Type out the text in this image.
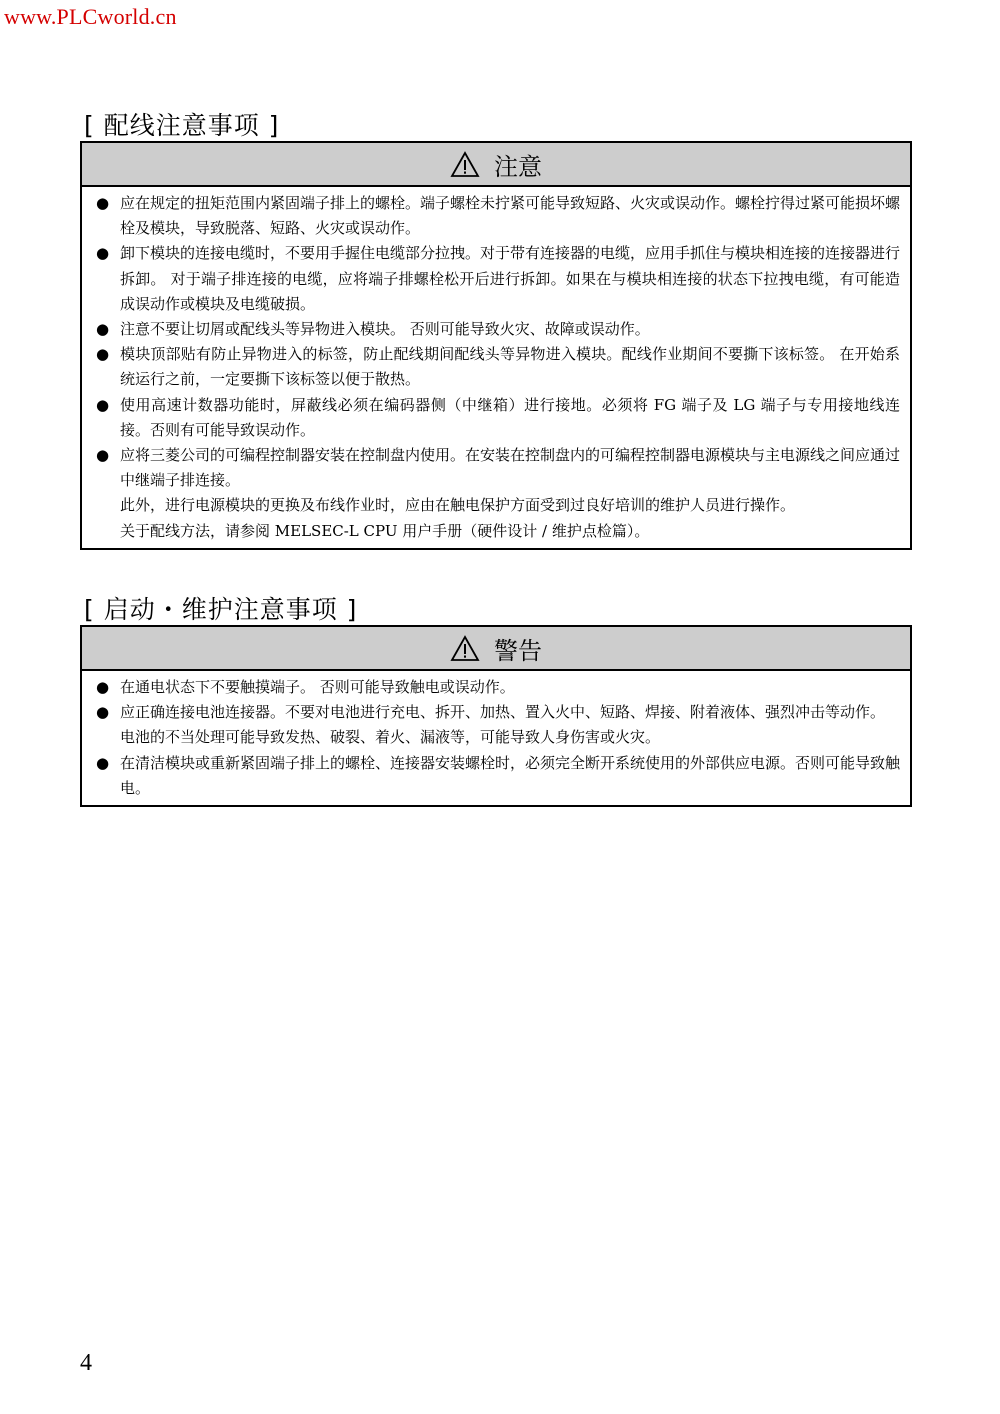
www.PLCworld.cn
[ 配线注意事项 ]
注意
● 应在规定的扭矩范围内紧固端子排上的螺栓。端子螺栓未拧紧可能导致短路、火灾或误动作。螺栓拧得过紧可能损坏螺栓及模块，导致脱落、短路、火灾或误动作。
● 卸下模块的连接电缆时，不要用手握住电缆部分拉拽。对于带有连接器的电缆，应用手抓住与模块相连接的连接器进行拆卸。 对于端子排连接的电缆，应将端子排螺栓松开后进行拆卸。如果在与模块相连接的状态下拉拽电缆，有可能造成误动作或模块及电缆破损。
● 注意不要让切屑或配线头等异物进入模块。 否则可能导致火灾、故障或误动作。
● 模块顶部贴有防止异物进入的标签，防止配线期间配线头等异物进入模块。配线作业期间不要撕下该标签。 在开始系统运行之前，一定要撕下该标签以便于散热。
● 使用高速计数器功能时，屏蔽线必须在编码器侧（中继箱）进行接地。必须将 FG 端子及 LG 端子与专用接地线连接。否则有可能导致误动作。
● 应将三菱公司的可编程控制器安装在控制盘内使用。在安装在控制盘内的可编程控制器电源模块与主电源线之间应通过中继端子排连接。
此外，进行电源模块的更换及布线作业时，应由在触电保护方面受到过良好培训的维护人员进行操作。
关于配线方法，请参阅 MELSEC-L CPU 用户手册（硬件设计 / 维护点检篇）。
[ 启动・维护注意事项 ]
警告
● 在通电状态下不要触摸端子。 否则可能导致触电或误动作。
● 应正确连接电池连接器。不要对电池进行充电、拆开、加热、置入火中、短路、焊接、附着液体、强烈冲击等动作。
电池的不当处理可能导致发热、破裂、着火、漏液等，可能导致人身伤害或火灾。
● 在清洁模块或重新紧固端子排上的螺栓、连接器安装螺栓时，必须完全断开系统使用的外部供应电源。否则可能导致触电。
4
